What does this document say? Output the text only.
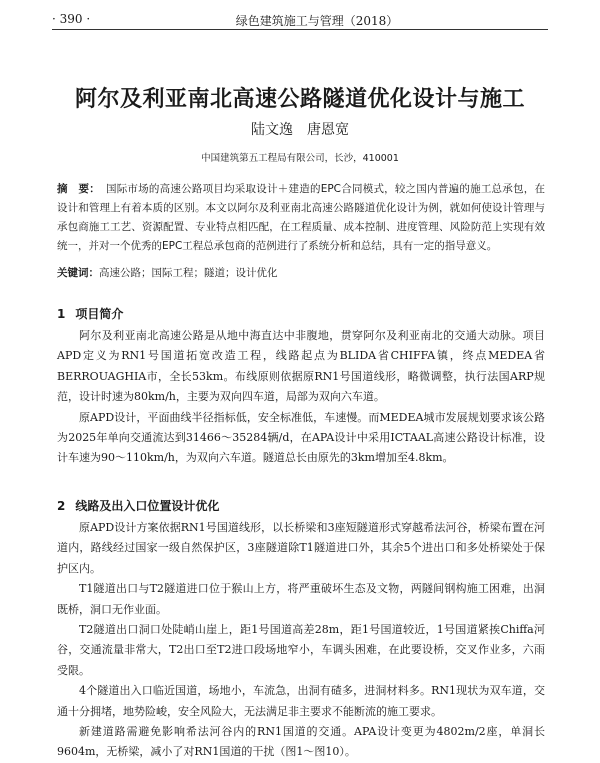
· 390 ·	绿色建筑施工与管理（2018）
阿尔及利亚南北高速公路隧道优化设计与施工
陆文逸　唐恩宽
中国建筑第五工程局有限公司，长沙，410001
摘　要： 国际市场的高速公路项目均采取设计＋建造的EPC合同模式，较之国内普遍的施工总承包，在设计和管理上有着本质的区别。本文以阿尔及利亚南北高速公路隧道优化设计为例，就如何使设计管理与承包商施工工艺、资源配置、专业特点相匹配，在工程质量、成本控制、进度管理、风险防范上实现有效统一，并对一个优秀的EPC工程总承包商的范例进行了系统分析和总结，具有一定的指导意义。
关键词：高速公路；国际工程；隧道；设计优化
1 项目简介

阿尔及利亚南北高速公路是从地中海直达中非腹地，贯穿阿尔及利亚南北的交通大动脉。项目APD定义为RN1号国道拓宽改造工程，线路起点为BLIDA省CHIFFA镇，终点MEDEA省BERROUAGHIA市，全长53km。布线原则依据原RN1号国道线形，略微调整，执行法国ARP规范，设计时速为80km/h，主要为双向四车道，局部为双向六车道。

原APD设计，平面曲线半径指标低，安全标准低，车速慢。而MEDEA城市发展规划要求该公路为2025年单向交通流达到31466～35284辆/d，在APA设计中采用ICTAAL高速公路设计标准，设计车速为90～110km/h，为双向六车道。隧道总长由原先的3km增加至4.8km。

2 线路及出入口位置设计优化

原APD设计方案依据RN1号国道线形，以长桥梁和3座短隧道形式穿越希法河谷，桥梁布置在河道内，路线经过国家一级自然保护区，3座隧道除T1隧道进口外，其余5个进出口和多处桥梁处于保护区内。

T1隧道出口与T2隧道进口位于猴山上方，将严重破坏生态及文物，两隧间钢构施工困难，出洞既桥，洞口无作业面。

T2隧道出口洞口处陡峭山崖上，距1号国道高差28m，距1号国道较近，1号国道紧挨Chiffa河谷，交通流量非常大，T2出口至T2进口段场地窄小，车调头困难，在此要设桥，交叉作业多，六雨受限。

4个隧道出入口临近国道，场地小，车流急，出洞有碴多，进洞材料多。RN1现状为双车道，交通十分拥堵，地势险峻，安全风险大，无法满足非主要求不能断流的施工要求。

新建道路需避免影响希法河谷内的RN1国道的交通。APA设计变更为4802m/2座，单洞长9604m，无桥梁，减小了对RN1国道的干扰（图1～图10）。
